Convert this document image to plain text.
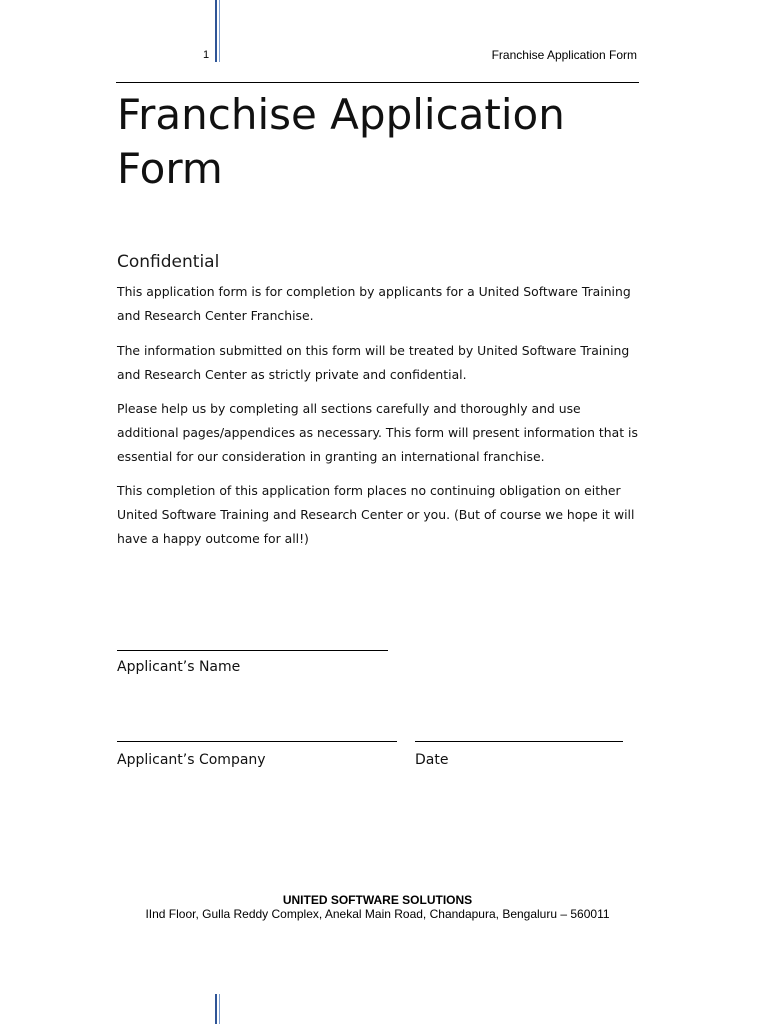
1	Franchise Application Form
Franchise Application Form
Confidential

This application form is for completion by applicants for a United Software Training and Research Center Franchise.

The information submitted on this form will be treated by United Software Training and Research Center as strictly private and confidential.

Please help us by completing all sections carefully and thoroughly and use additional pages/appendices as necessary. This form will present information that is essential for our consideration in granting an international franchise.

This completion of this application form places no continuing obligation on either United Software Training and Research Center or you. (But of course we hope it will have a happy outcome for all!)

Applicant’s Name
Applicant’s Company	Date
UNITED SOFTWARE SOLUTIONS
IInd Floor, Gulla Reddy Complex, Anekal Main Road, Chandapura, Bengaluru – 560011
